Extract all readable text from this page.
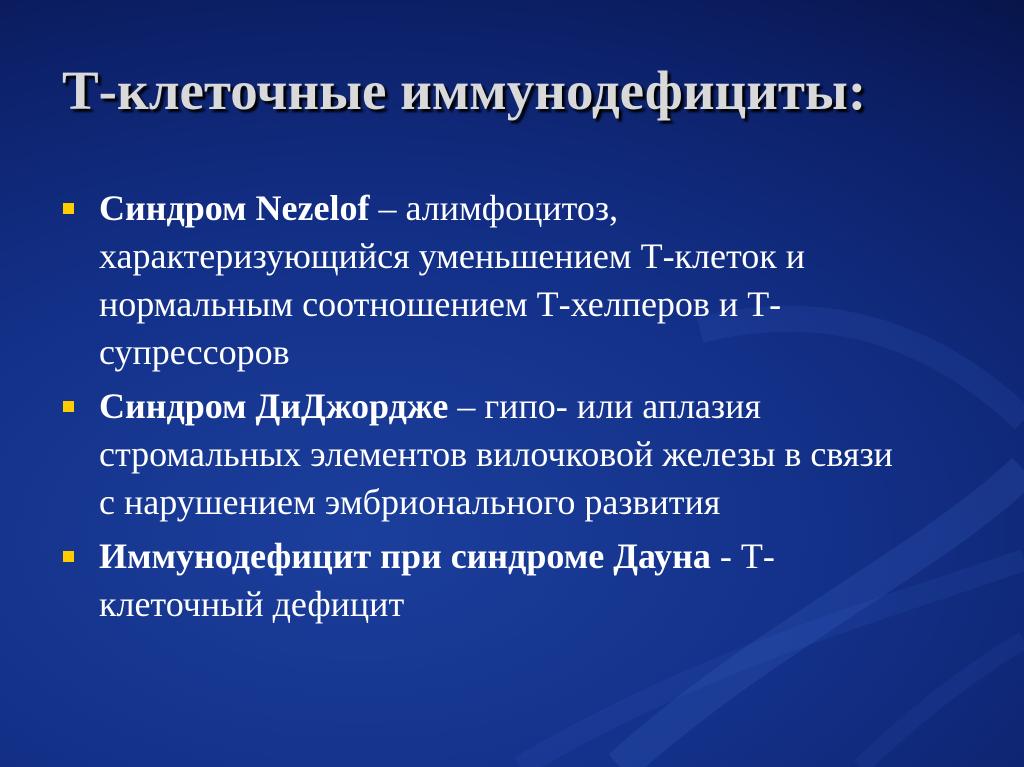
Т-клеточные иммунодефициты:
Синдром Nezelof – алимфоцитоз, характеризующийся уменьшением Т-клеток и нормальным соотношением Т-хелперов и Т-супрессоров
Синдром ДиДжордже – гипо- или аплазия стромальных элементов вилочковой железы в связи с нарушением эмбрионального развития
Иммунодефицит при синдроме Дауна - Т-клеточный дефицит
